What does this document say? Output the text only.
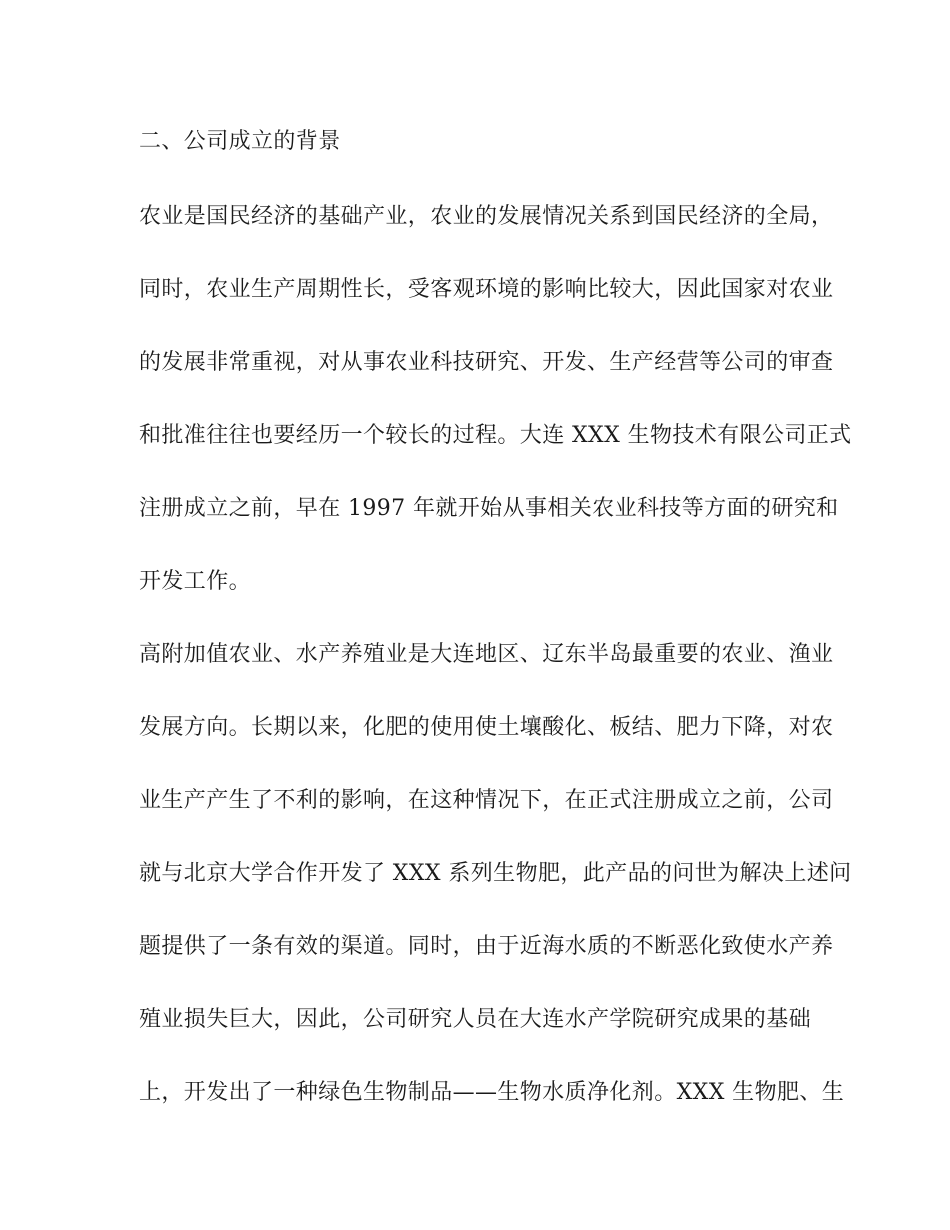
二、公司成立的背景
农业是国民经济的基础产业，农业的发展情况关系到国民经济的全局，
同时，农业生产周期性长，受客观环境的影响比较大，因此国家对农业
的发展非常重视，对从事农业科技研究、开发、生产经营等公司的审查
和批准往往也要经历一个较长的过程。大连 XXX 生物技术有限公司正式
注册成立之前，早在 1997 年就开始从事相关农业科技等方面的研究和
开发工作。
高附加值农业、水产养殖业是大连地区、辽东半岛最重要的农业、渔业
发展方向。长期以来，化肥的使用使土壤酸化、板结、肥力下降，对农
业生产产生了不利的影响，在这种情况下，在正式注册成立之前，公司
就与北京大学合作开发了 XXX 系列生物肥，此产品的问世为解决上述问
题提供了一条有效的渠道。同时，由于近海水质的不断恶化致使水产养
殖业损失巨大，因此，公司研究人员在大连水产学院研究成果的基础
上，开发出了一种绿色生物制品——生物水质净化剂。XXX 生物肥、生
